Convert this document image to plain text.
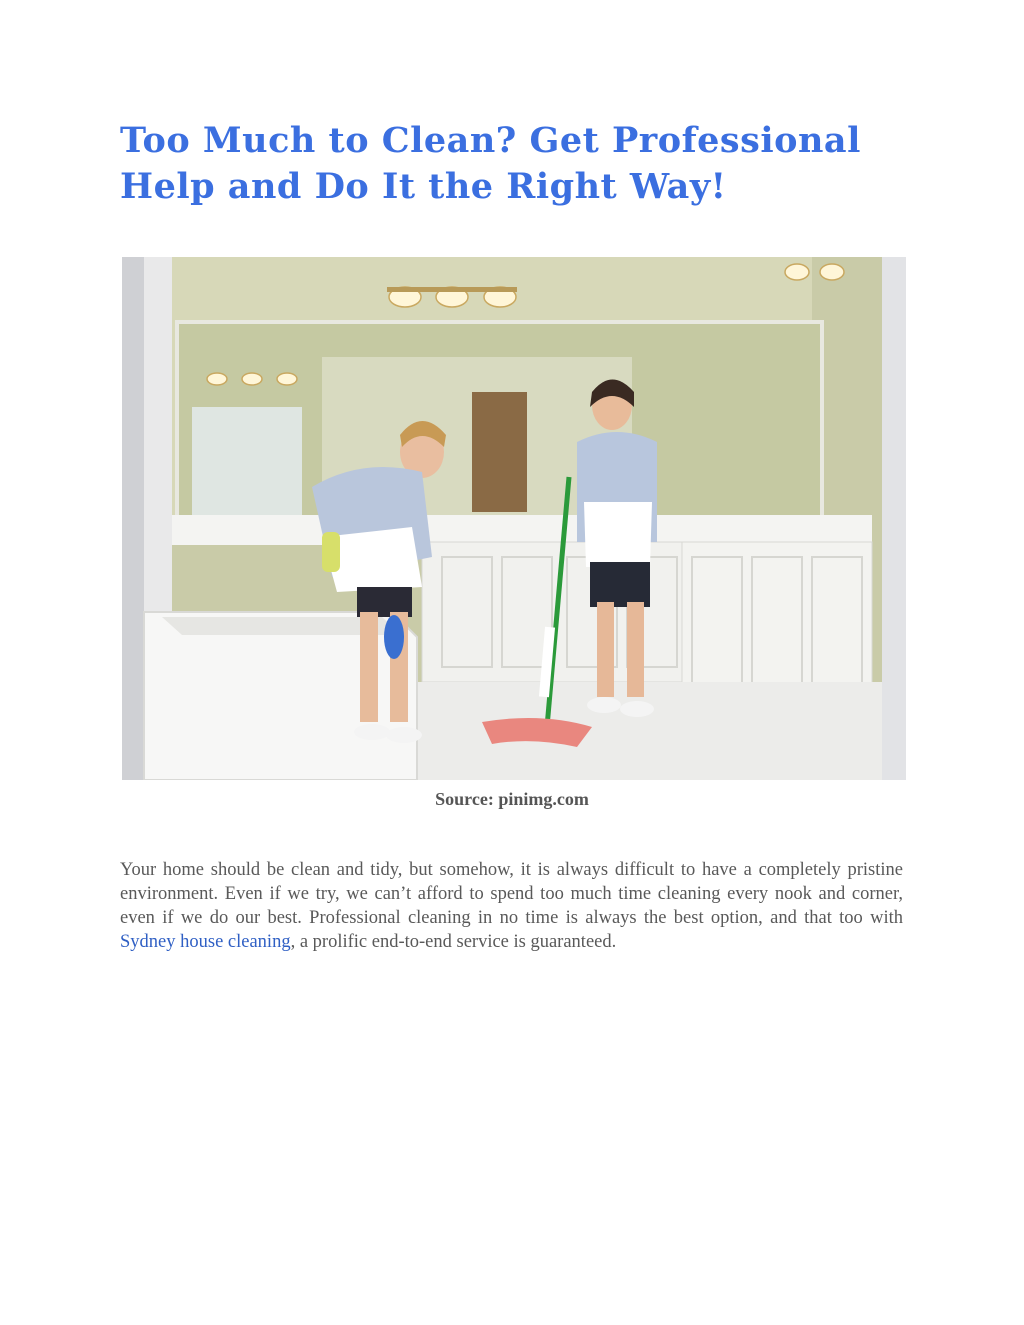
Too Much to Clean? Get Professional Help and Do It the Right Way!
Source: pinimg.com

Your home should be clean and tidy, but somehow, it is always difficult to have a completely pristine environment. Even if we try, we can’t afford to spend too much time cleaning every nook and corner, even if we do our best. Professional cleaning in no time is always the best option, and that too with Sydney house cleaning, a prolific end-to-end service is guaranteed.
